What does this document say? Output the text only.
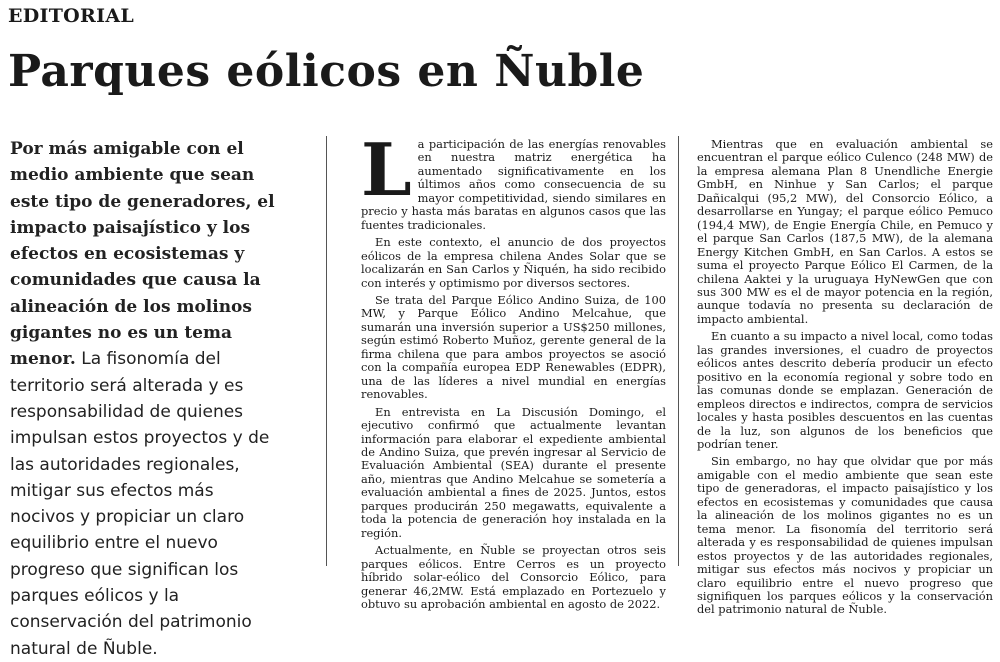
EDITORIAL
Parques eólicos en Ñuble
Por más amigable con el medio ambiente que sean este tipo de generadores, el impacto paisajístico y los efectos en ecosistemas y comunidades que causa la alineación de los molinos gigantes no es un tema menor. La fisonomía del territorio será alterada y es responsabilidad de quienes impulsan estos proyectos y de las autoridades regionales, mitigar sus efectos más nocivos y propiciar un claro equilibrio entre el nuevo progreso que significan los parques eólicos y la conservación del patrimonio natural de Ñuble.

La participación de las energías renovables en nuestra matriz energética ha aumentado significativamente en los últimos años como consecuencia de su mayor competitividad, siendo similares en precio y hasta más baratas en algunos casos que las fuentes tradicionales.

En este contexto, el anuncio de dos proyectos eólicos de la empresa chilena Andes Solar que se localizarán en San Carlos y Ñiquén, ha sido recibido con interés y optimismo por diversos sectores.

Se trata del Parque Eólico Andino Suiza, de 100 MW, y Parque Eólico Andino Melcahue, que sumarán una inversión superior a US$250 millones, según estimó Roberto Muñoz, gerente general de la firma chilena que para ambos proyectos se asoció con la compañía europea EDP Renewables (EDPR), una de las líderes a nivel mundial en energías renovables.

En entrevista en La Discusión Domingo, el ejecutivo confirmó que actualmente levantan información para elaborar el expediente ambiental de Andino Suiza, que prevén ingresar al Servicio de Evaluación Ambiental (SEA) durante el presente año, mientras que Andino Melcahue se sometería a evaluación ambiental a fines de 2025. Juntos, estos parques producirán 250 megawatts, equivalente a toda la potencia de generación hoy instalada en la región.

Actualmente, en Ñuble se proyectan otros seis parques eólicos. Entre Cerros es un proyecto híbrido solar-eólico del Consorcio Eólico, para generar 46,2MW. Está emplazado en Portezuelo y obtuvo su aprobación ambiental en agosto de 2022.

Mientras que en evaluación ambiental se encuentran el parque eólico Culenco (248 MW) de la empresa alemana Plan 8 Unendliche Energie GmbH, en Ninhue y San Carlos; el parque Dañicalqui (95,2 MW), del Consorcio Eólico, a desarrollarse en Yungay; el parque eólico Pemuco (194,4 MW), de Engie Energía Chile, en Pemuco y el parque San Carlos (187,5 MW), de la alemana Energy Kitchen GmbH, en San Carlos. A estos se suma el proyecto Parque Eólico El Carmen, de la chilena Aaktei y la uruguaya HyNewGen que con sus 300 MW es el de mayor potencia en la región, aunque todavía no presenta su declaración de impacto ambiental.

En cuanto a su impacto a nivel local, como todas las grandes inversiones, el cuadro de proyectos eólicos antes descrito debería producir un efecto positivo en la economía regional y sobre todo en las comunas donde se emplazan. Generación de empleos directos e indirectos, compra de servicios locales y hasta posibles descuentos en las cuentas de la luz, son algunos de los beneficios que podrían tener.

Sin embargo, no hay que olvidar que por más amigable con el medio ambiente que sean este tipo de generadoras, el impacto paisajístico y los efectos en ecosistemas y comunidades que causa la alineación de los molinos gigantes no es un tema menor. La fisonomía del territorio será alterada y es responsabilidad de quienes impulsan estos proyectos y de las autoridades regionales, mitigar sus efectos más nocivos y propiciar un claro equilibrio entre el nuevo progreso que signifiquen los parques eólicos y la conservación del patrimonio natural de Ñuble.
